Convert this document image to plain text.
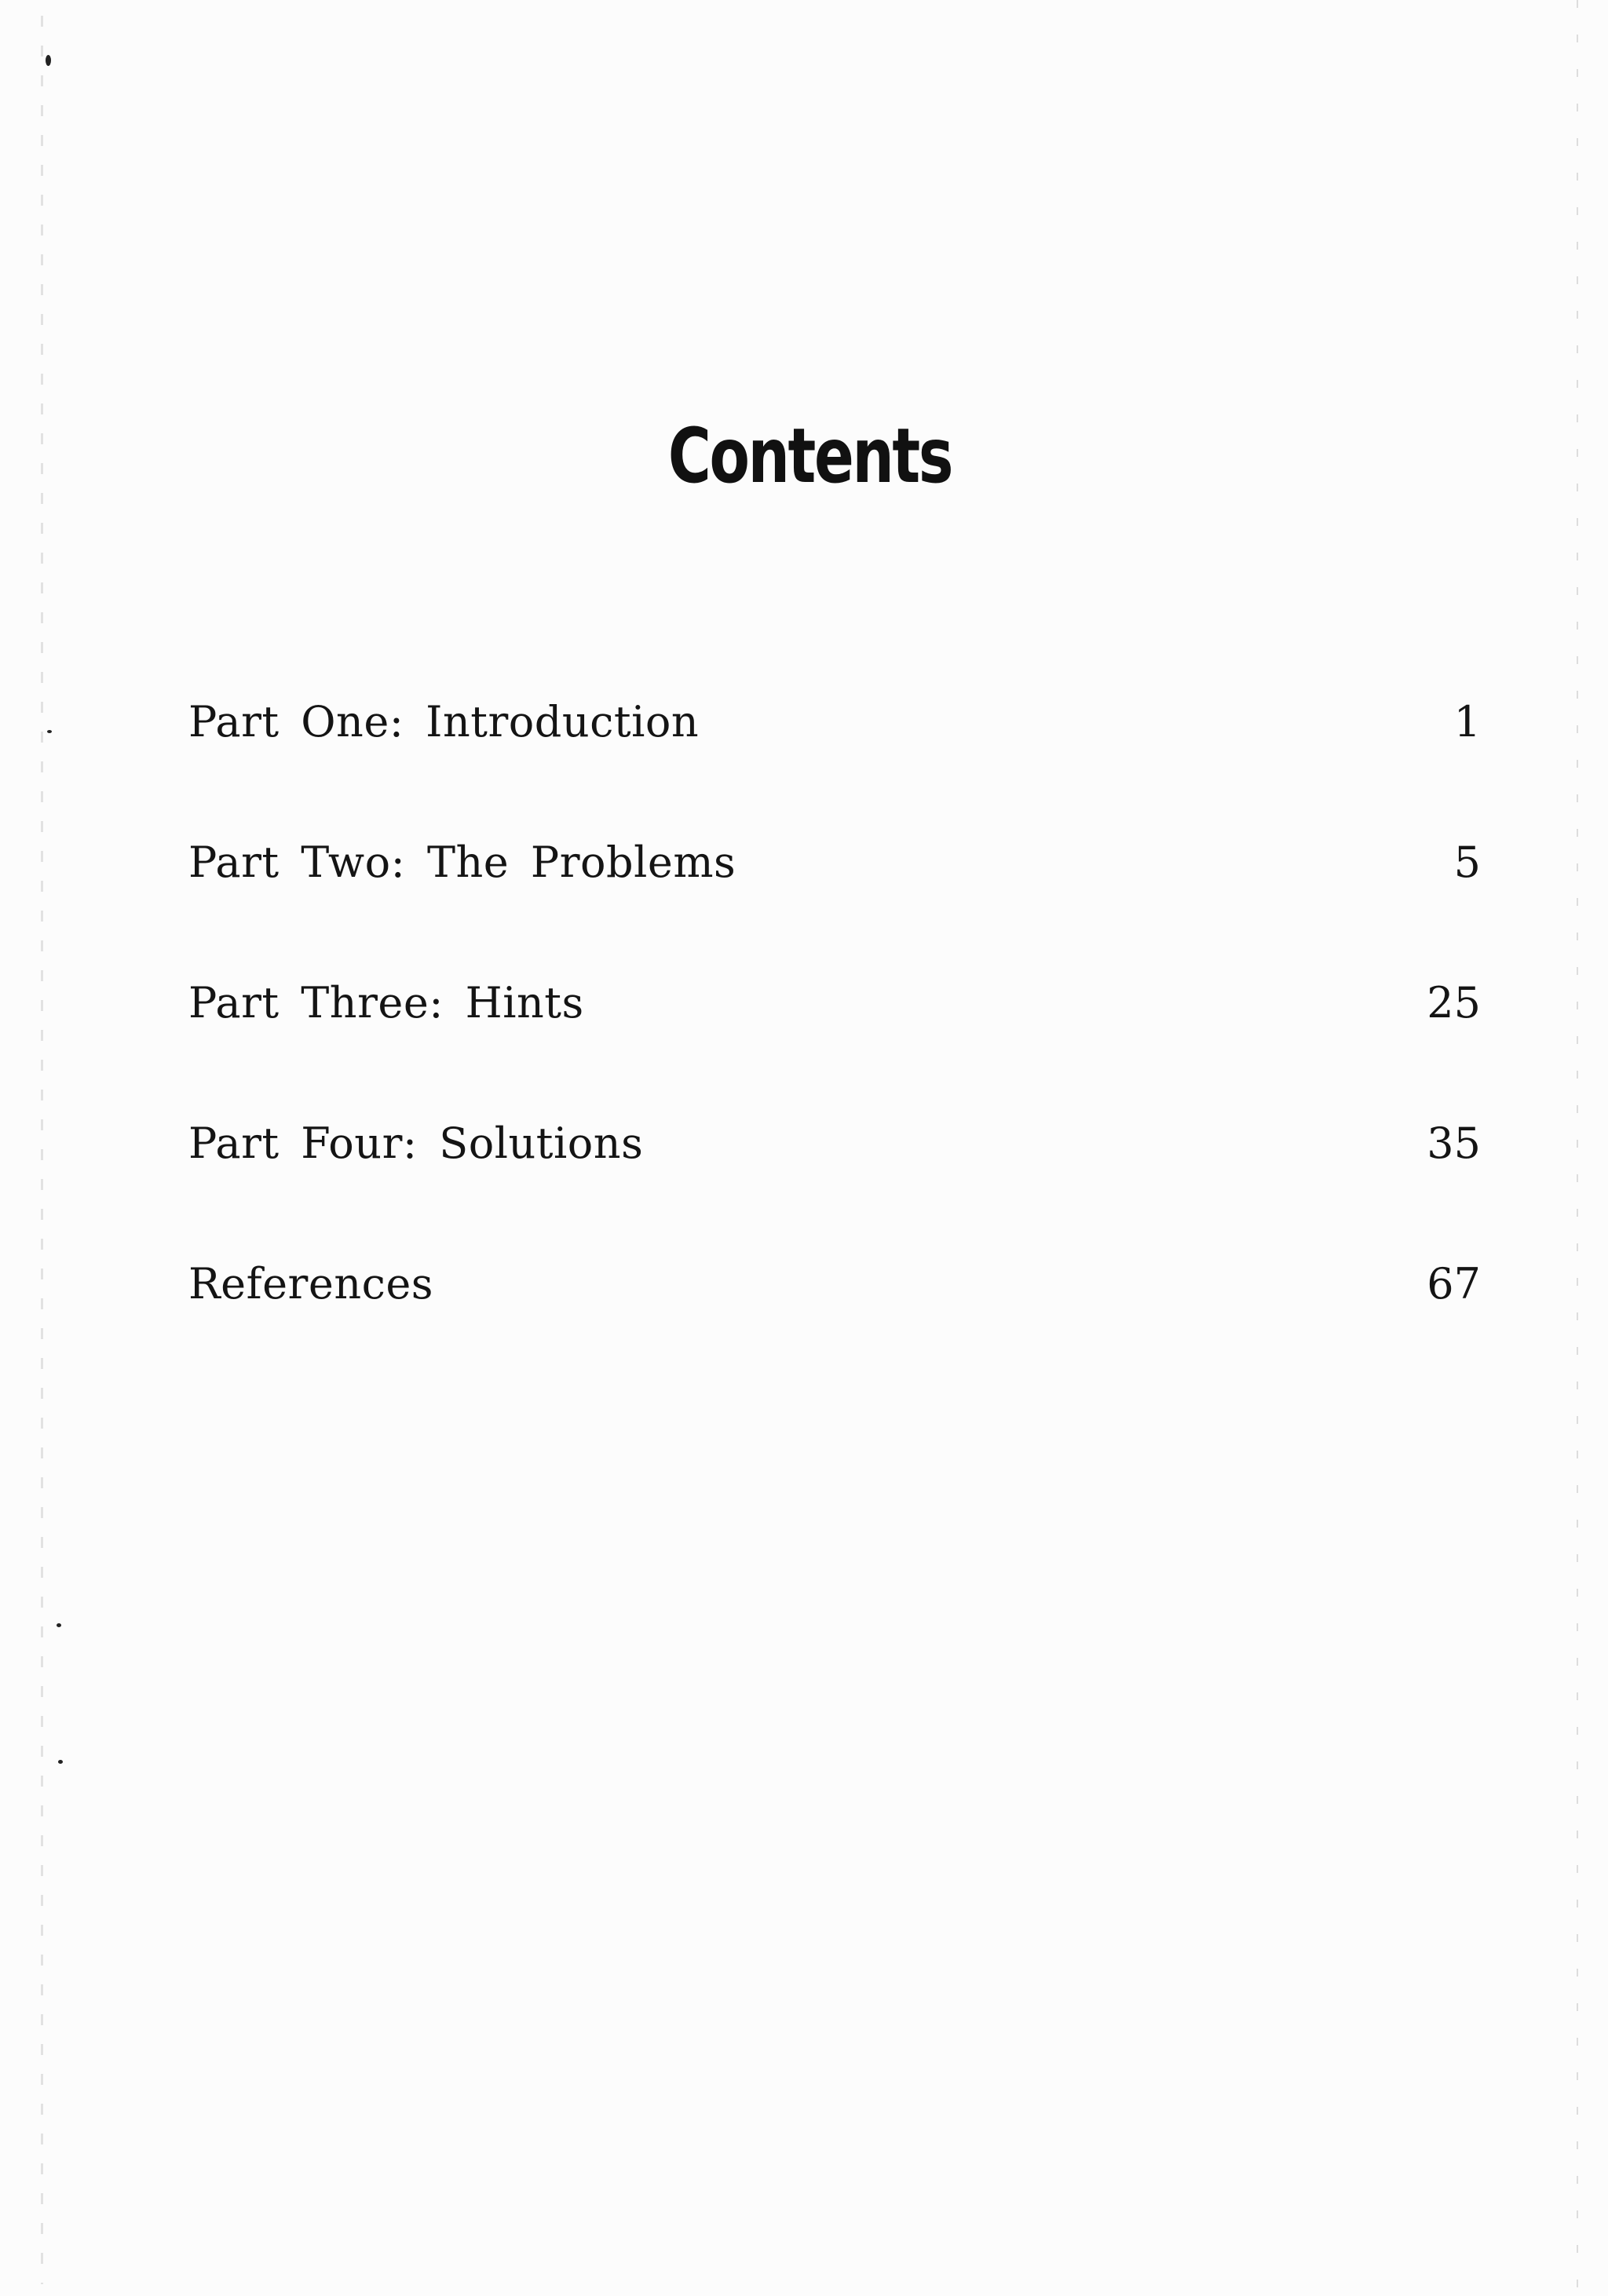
Contents
Part One: Introduction	1
Part Two: The Problems	5
Part Three: Hints	25
Part Four: Solutions	35
References	67
